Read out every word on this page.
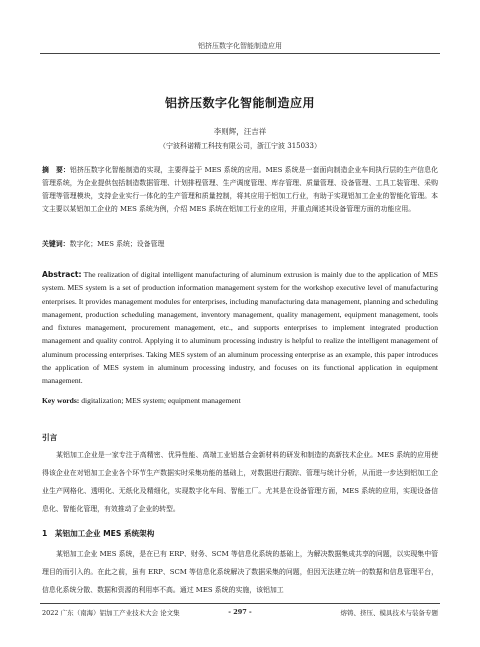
铝挤压数字化智能制造应用
铝挤压数字化智能制造应用
李则辉，汪吉祥
（宁波科诺精工科技有限公司，浙江宁波 315033）
摘　要：铝挤压数字化智能制造的实现，主要得益于 MES 系统的应用。MES 系统是一套面向制造企业车间执行层的生产信息化管理系统，为企业提供包括制造数据管理、计划排程管理、生产调度管理、库存管理、质量管理、设备管理、工具工装管理、采购管理等管理模块，支持企业实行一体化的生产管理和质量控制，将其应用于铝加工行业，有助于实现铝加工企业的智能化管理。本文主要以某铝加工企业的 MES 系统为例，介绍 MES 系统在铝加工行业的应用，并重点阐述其设备管理方面的功能应用。
关键词：数字化；MES 系统；设备管理
Abstract: The realization of digital intelligent manufacturing of aluminum extrusion is mainly due to the application of MES system. MES system is a set of production information management system for the workshop executive level of manufacturing enterprises. It provides management modules for enterprises, including manufacturing data management, planning and scheduling management, production scheduling management, inventory management, quality management, equipment management, tools and fixtures management, procurement management, etc., and supports enterprises to implement integrated production management and quality control. Applying it to aluminum processing industry is helpful to realize the intelligent management of aluminum processing enterprises. Taking MES system of an aluminum processing enterprise as an example, this paper introduces the application of MES system in aluminum processing industry, and focuses on its functional application in equipment management.
Key words: digitalization; MES system; equipment management
引言
某铝加工企业是一家专注于高精密、优异性能、高端工业铝基合金新材料的研发和制造的高新技术企业。MES 系统的应用使得该企业在对铝加工企业各个环节生产数据实时采集功能的基础上，对数据进行跟踪、管理与统计分析，从而进一步达到铝加工企业生产网格化、透明化、无纸化及精细化，实现数字化车间、智能工厂。尤其是在设备管理方面，MES 系统的应用，实现设备信息化、智能化管理，有效推动了企业的转型。
1　某铝加工企业 MES 系统架构
某铝加工企业 MES 系统，是在已有 ERP、财务、SCM 等信息化系统的基础上，为解决数据集成共享的问题，以实现集中管理目的而引入的。在此之前，虽有 ERP、SCM 等信息化系统解决了数据采集的问题，但因无法建立统一的数据和信息管理平台，信息化系统分散、数据和资源的利用率不高。通过 MES 系统的实施，该铝加工
2022 广东（南海）铝加工产业技术大会 论文集	- 297 -	熔铸、挤压、模具技术与装备专题
